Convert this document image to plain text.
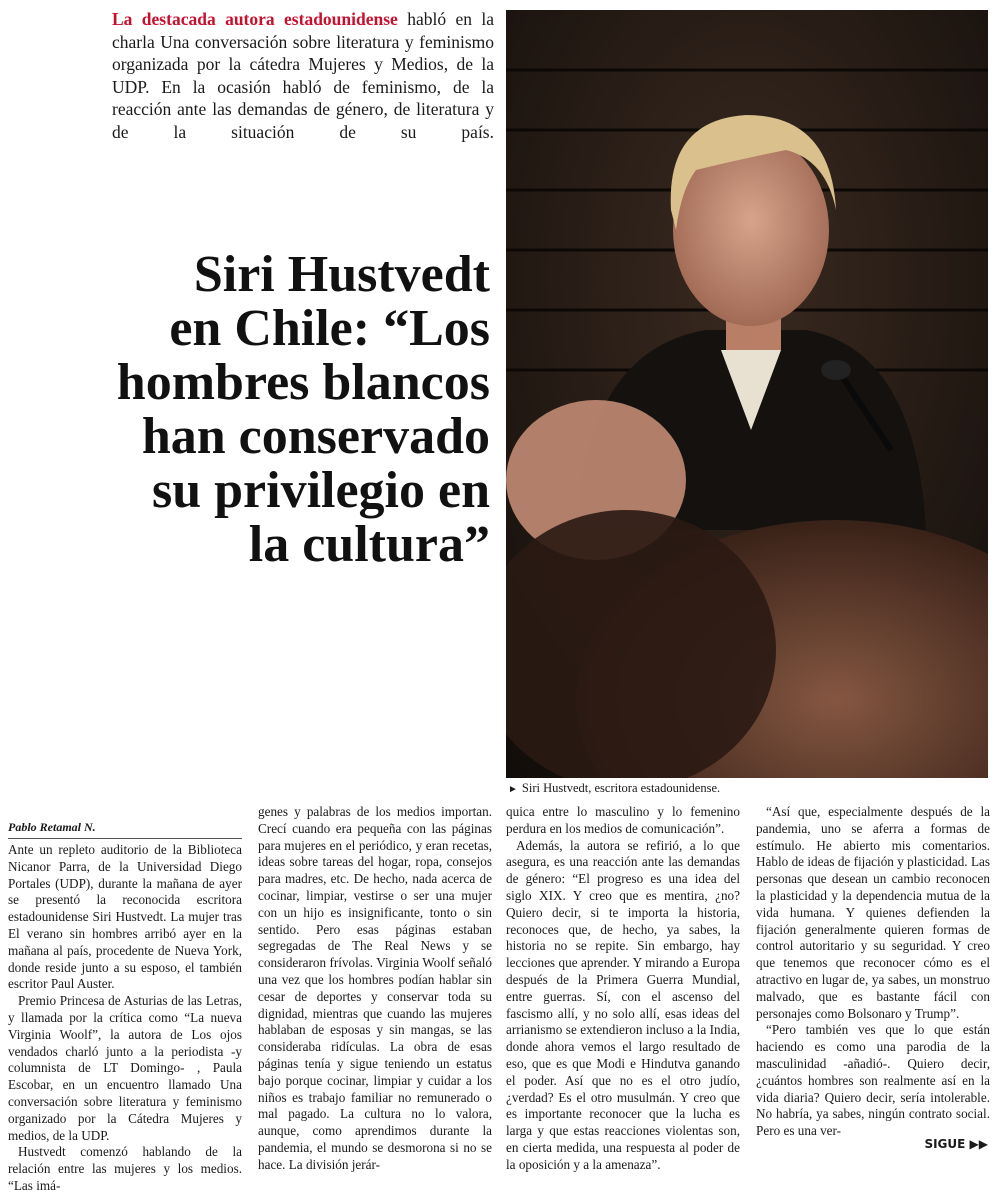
La destacada autora estadounidense habló en la charla Una conversación sobre literatura y feminismo organizada por la cátedra Mujeres y Medios, de la UDP. En la ocasión habló de feminismo, de la reacción ante las demandas de género, de literatura y de la situación de su país.

Siri Hustvedt
en Chile: “Los
hombres blancos
han conservado
su privilegio en
la cultura”

► Siri Hustvedt, escritora estadounidense.

Pablo Retamal N.

Ante un repleto auditorio de la Biblioteca Nicanor Parra, de la Universidad Diego Portales (UDP), durante la mañana de ayer se presentó la reconocida escritora estadounidense Siri Hustvedt. La mujer tras El verano sin hombres arribó ayer en la mañana al país, procedente de Nueva York, donde reside junto a su esposo, el también escritor Paul Auster.

Premio Princesa de Asturias de las Letras, y llamada por la crítica como “La nueva Virginia Woolf”, la autora de Los ojos vendados charló junto a la periodista -y columnista de LT Domingo- , Paula Escobar, en un encuentro llamado Una conversación sobre literatura y feminismo organizado por la Cátedra Mujeres y medios, de la UDP.

Hustvedt comenzó hablando de la relación entre las mujeres y los medios. “Las imá-

genes y palabras de los medios importan. Crecí cuando era pequeña con las páginas para mujeres en el periódico, y eran recetas, ideas sobre tareas del hogar, ropa, consejos para madres, etc. De hecho, nada acerca de cocinar, limpiar, vestirse o ser una mujer con un hijo es insignificante, tonto o sin sentido. Pero esas páginas estaban segregadas de The Real News y se consideraron frívolas. Virginia Woolf señaló una vez que los hombres podían hablar sin cesar de deportes y conservar toda su dignidad, mientras que cuando las mujeres hablaban de esposas y sin mangas, se las consideraba ridículas. La obra de esas páginas tenía y sigue teniendo un estatus bajo porque cocinar, limpiar y cuidar a los niños es trabajo familiar no remunerado o mal pagado. La cultura no lo valora, aunque, como aprendimos durante la pandemia, el mundo se desmorona si no se hace. La división jerár-

quica entre lo masculino y lo femenino perdura en los medios de comunicación”.

Además, la autora se refirió, a lo que asegura, es una reacción ante las demandas de género: “El progreso es una idea del siglo XIX. Y creo que es mentira, ¿no? Quiero decir, si te importa la historia, reconoces que, de hecho, ya sabes, la historia no se repite. Sin embargo, hay lecciones que aprender. Y mirando a Europa después de la Primera Guerra Mundial, entre guerras. Sí, con el ascenso del fascismo allí, y no solo allí, esas ideas del arrianismo se extendieron incluso a la India, donde ahora vemos el largo resultado de eso, que es que Modi e Hindutva ganando el poder. Así que no es el otro judío, ¿verdad? Es el otro musulmán. Y creo que es importante reconocer que la lucha es larga y que estas reacciones violentas son, en cierta medida, una respuesta al poder de la oposición y a la amenaza”.

“Así que, especialmente después de la pandemia, uno se aferra a formas de estímulo. He abierto mis comentarios. Hablo de ideas de fijación y plasticidad. Las personas que desean un cambio reconocen la plasticidad y la dependencia mutua de la vida humana. Y quienes defienden la fijación generalmente quieren formas de control autoritario y su seguridad. Y creo que tenemos que reconocer cómo es el atractivo en lugar de, ya sabes, un monstruo malvado, que es bastante fácil con personajes como Bolsonaro y Trump”.

“Pero también ves que lo que están haciendo es como una parodia de la masculinidad -añadió-. Quiero decir, ¿cuántos hombres son realmente así en la vida diaria? Quiero decir, sería intolerable. No habría, ya sabes, ningún contrato social. Pero es una ver-

SIGUE ▶▶
